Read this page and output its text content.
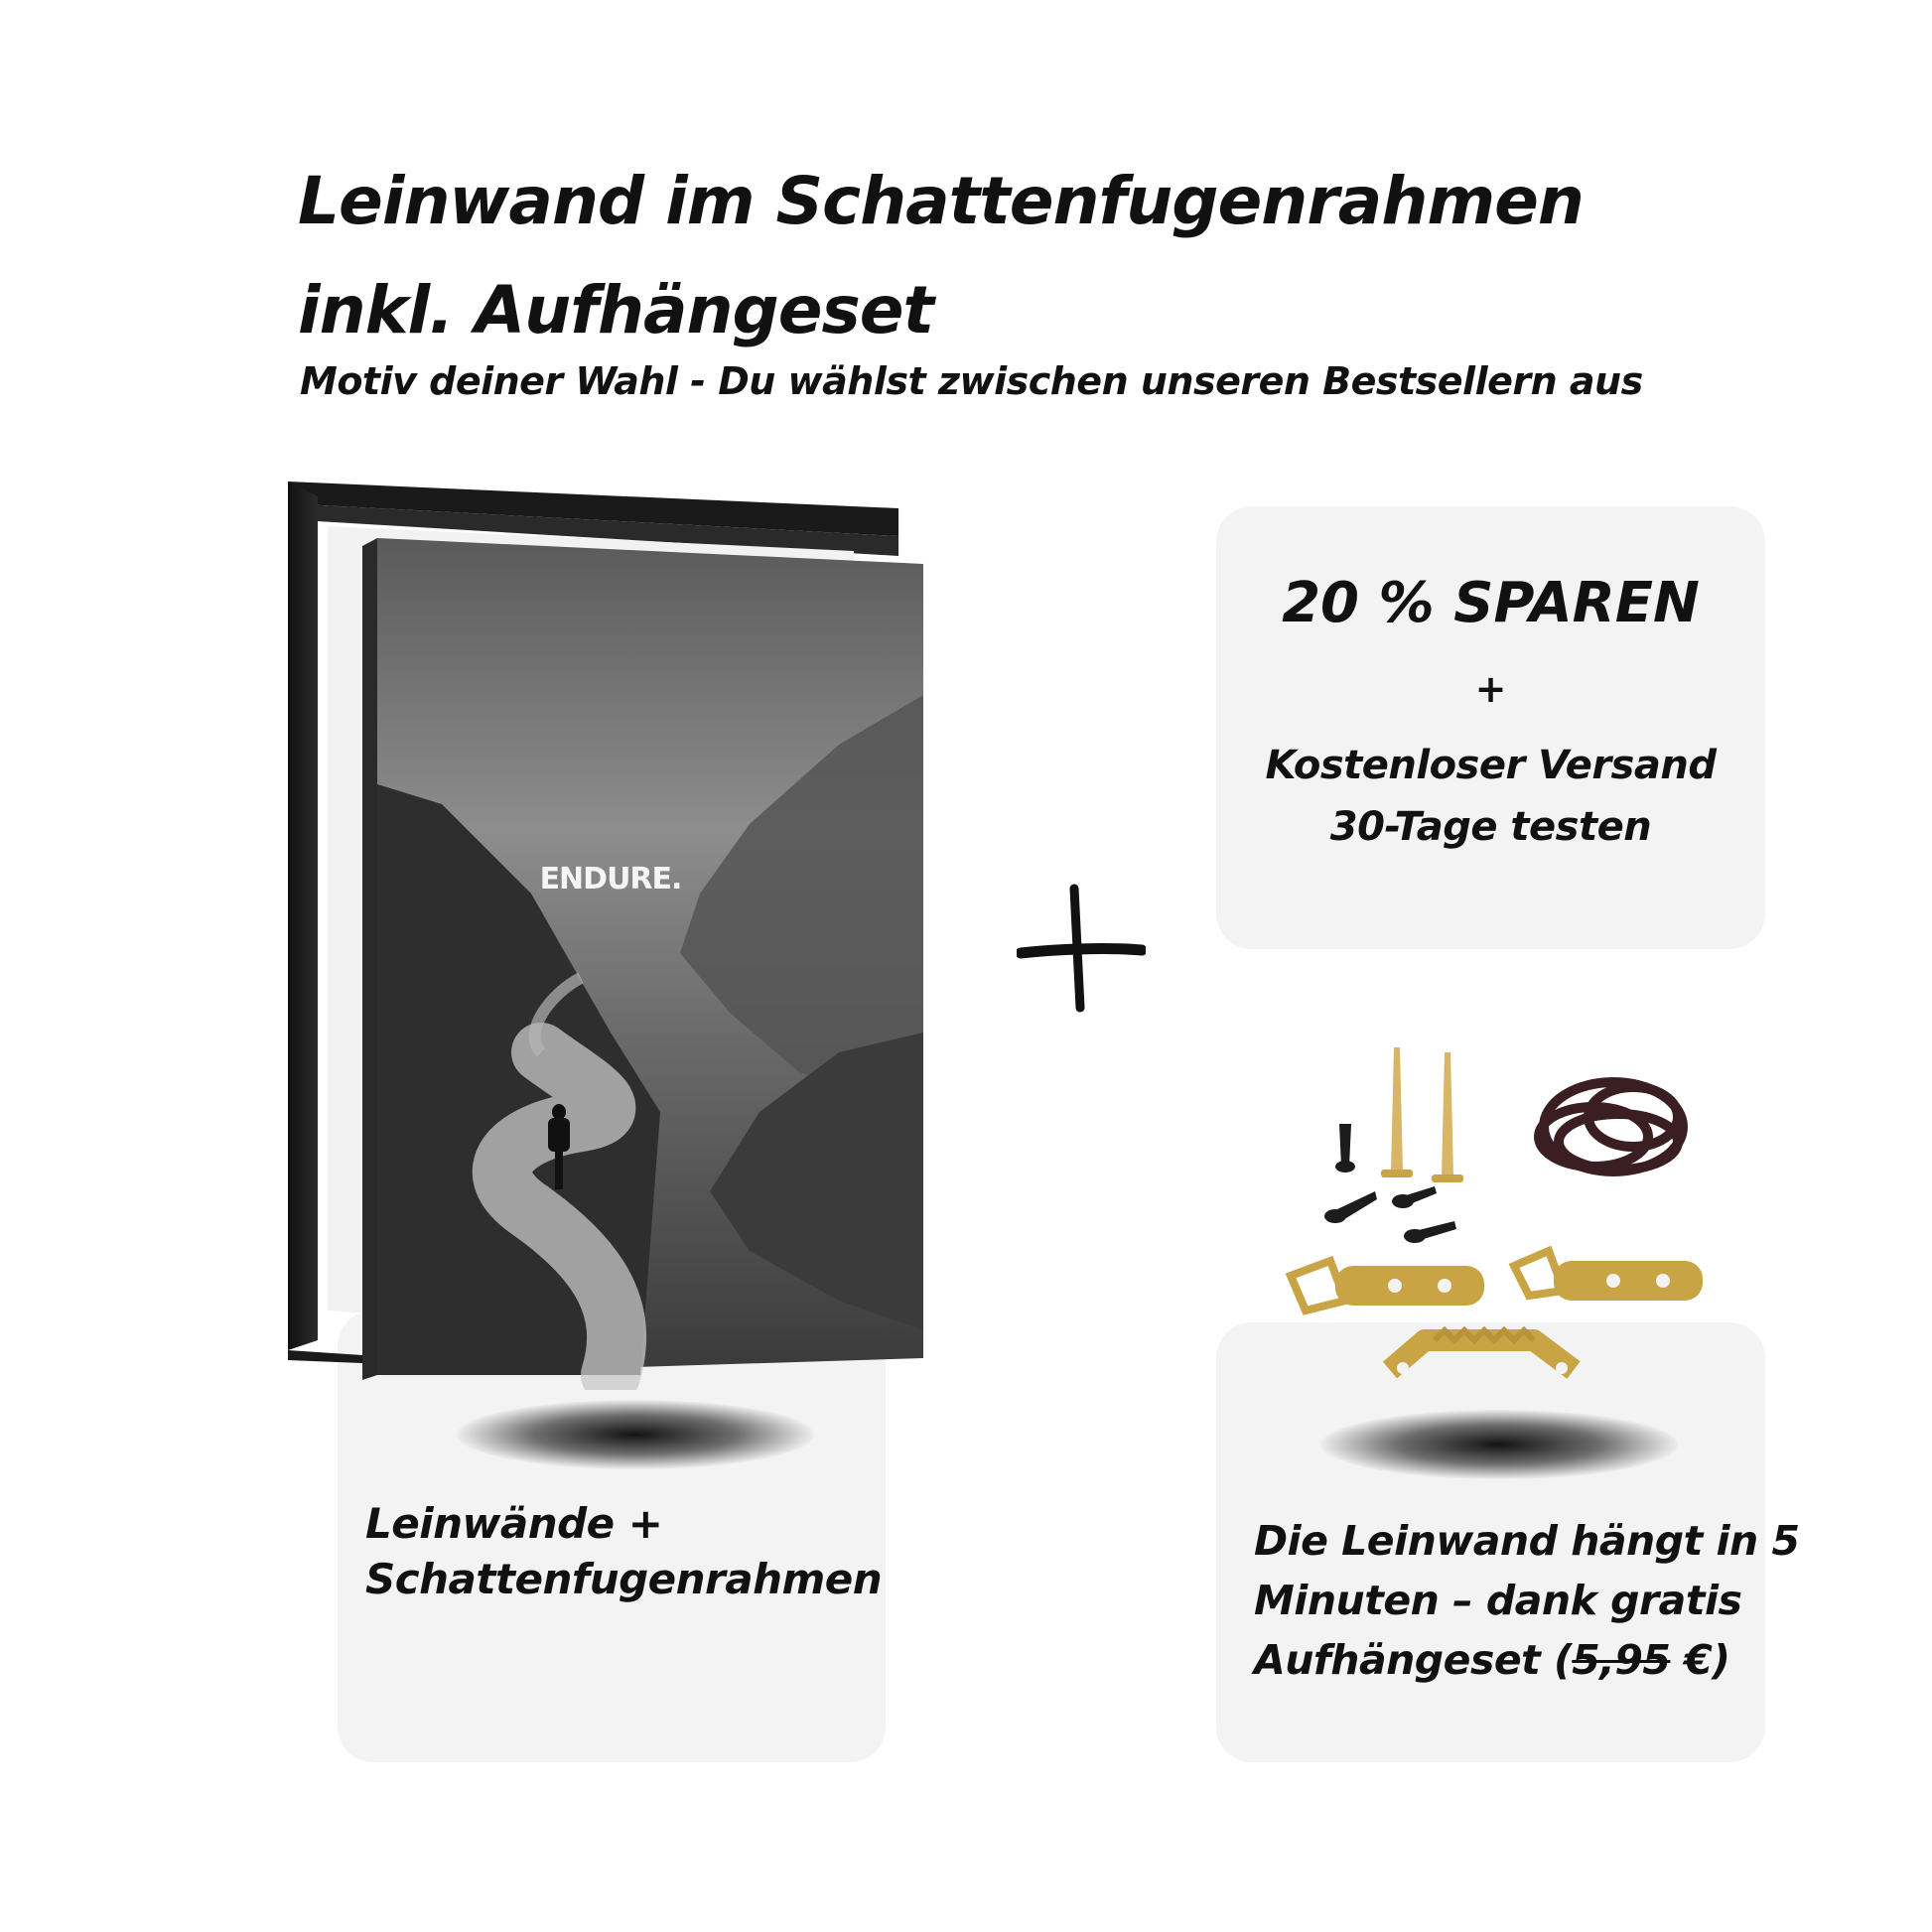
Leinwand im Schattenfugenrahmen
inkl. Aufhängeset

Motiv deiner Wahl - Du wählst zwischen unseren Bestsellern aus

ENDURE.
Leinwände +
Schattenfugenrahmen
20 % SPAREN
+
Kostenloser Versand
30-Tage testen
Die Leinwand hängt in 5
Minuten – dank gratis
Aufhängeset (5,95 €)
